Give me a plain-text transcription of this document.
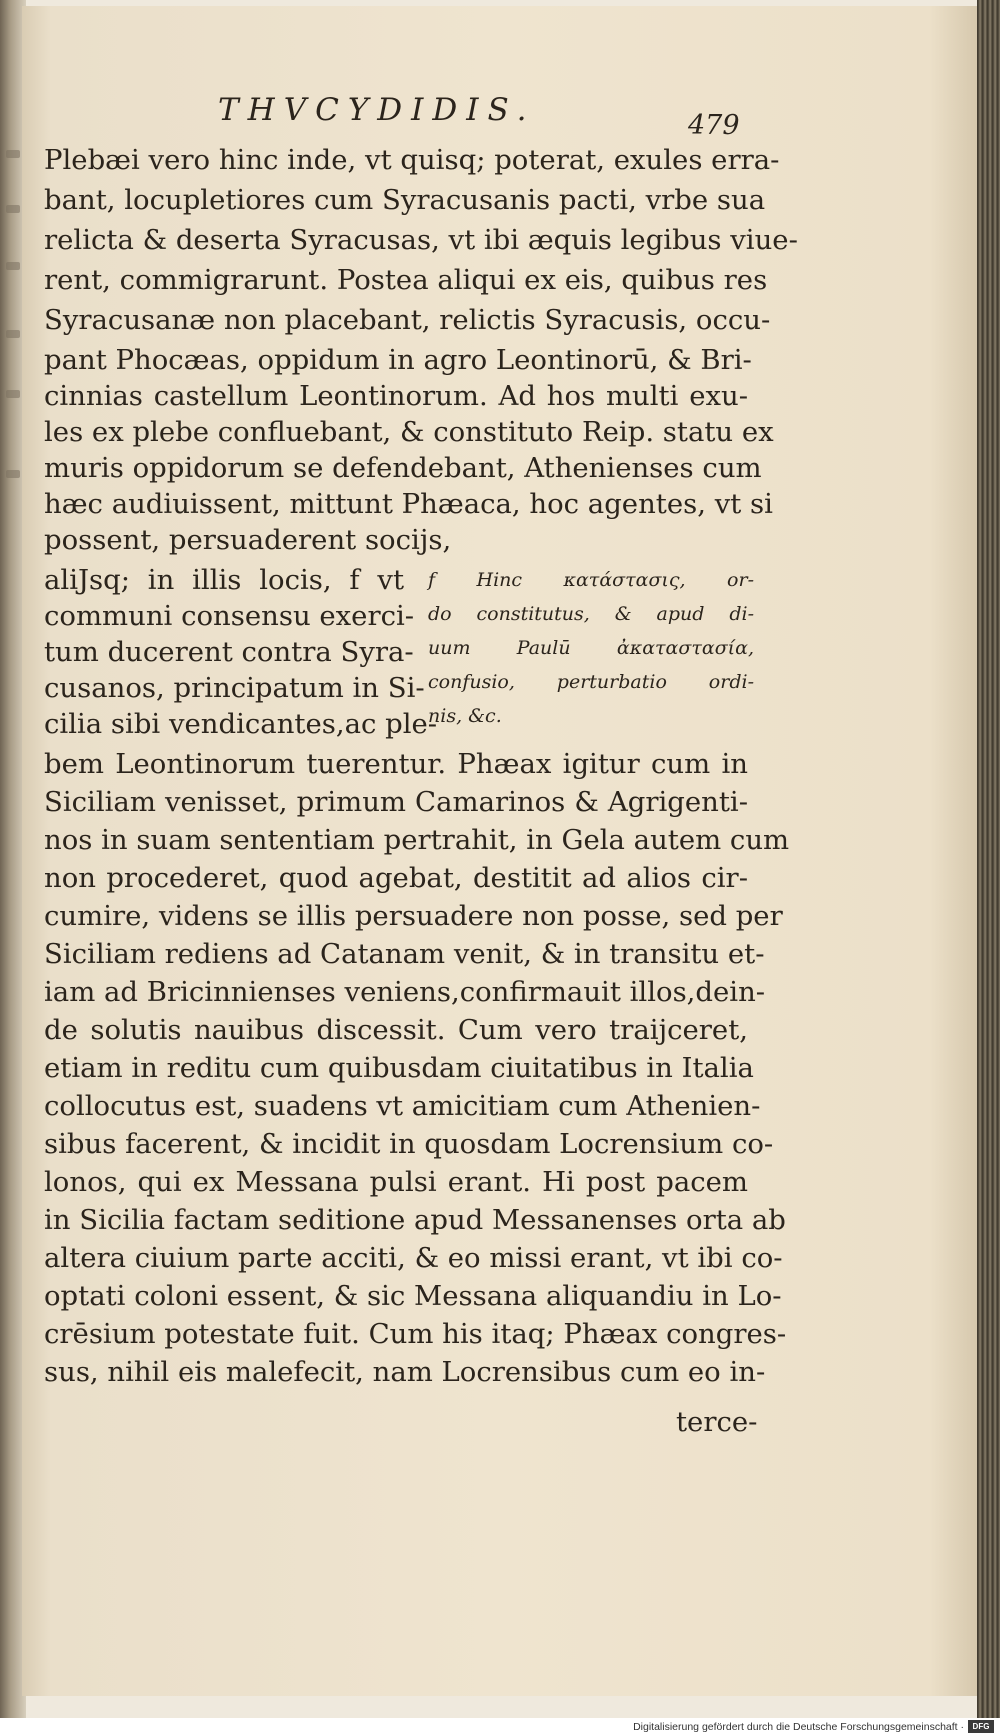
THVCYDIDIS.	479
Plebæi vero hinc inde, vt quisq; poterat, exules erra-
bant, locupletiores cum Syracusanis pacti, vrbe sua
relicta & deserta Syracusas, vt ibi æquis legibus viue-
rent, commigrarunt. Postea aliqui ex eis, quibus res
Syracusanæ non placebant, relictis Syracusis, occu-
pant Phocæas, oppidum in agro Leontinorū, & Bri-
cinnias castellum Leontinorum. Ad hos multi exu-
les ex plebe confluebant, & constituto Reip. statu ex
muris oppidorum se defendebant, Athenienses cum
hæc audiuissent, mittunt Phæaca, hoc agentes, vt si
possent, persuaderent socijs,
aliJsq; in illis locis, f vt
communi consensu exerci-
tum ducerent contra Syra-
cusanos, principatum in Si-
cilia sibi vendicantes,ac ple-
f Hinc κατάστασις, or-
do constitutus, & apud di-
uum Paulū ἀκαταστασία,
confusio, perturbatio ordi-
nis, &c.
bem Leontinorum tuerentur. Phæax igitur cum in
Siciliam venisset, primum Camarinos & Agrigenti-
nos in suam sententiam pertrahit, in Gela autem cum
non procederet, quod agebat, destitit ad alios cir-
cumire, videns se illis persuadere non posse, sed per
Siciliam rediens ad Catanam venit, & in transitu et-
iam ad Bricinnienses veniens,confirmauit illos,dein-
de solutis nauibus discessit. Cum vero traijceret,
etiam in reditu cum quibusdam ciuitatibus in Italia
collocutus est, suadens vt amicitiam cum Athenien-
sibus facerent, & incidit in quosdam Locrensium co-
lonos, qui ex Messana pulsi erant. Hi post pacem
in Sicilia factam seditione apud Messanenses orta ab
altera ciuium parte acciti, & eo missi erant, vt ibi co-
optati coloni essent, & sic Messana aliquandiu in Lo-
crēsium potestate fuit. Cum his itaq; Phæax congres-
sus, nihil eis malefecit, nam Locrensibus cum eo in-
terce-
Digitalisierung gefördert durch die Deutsche Forschungsgemeinschaft ·	DFG
